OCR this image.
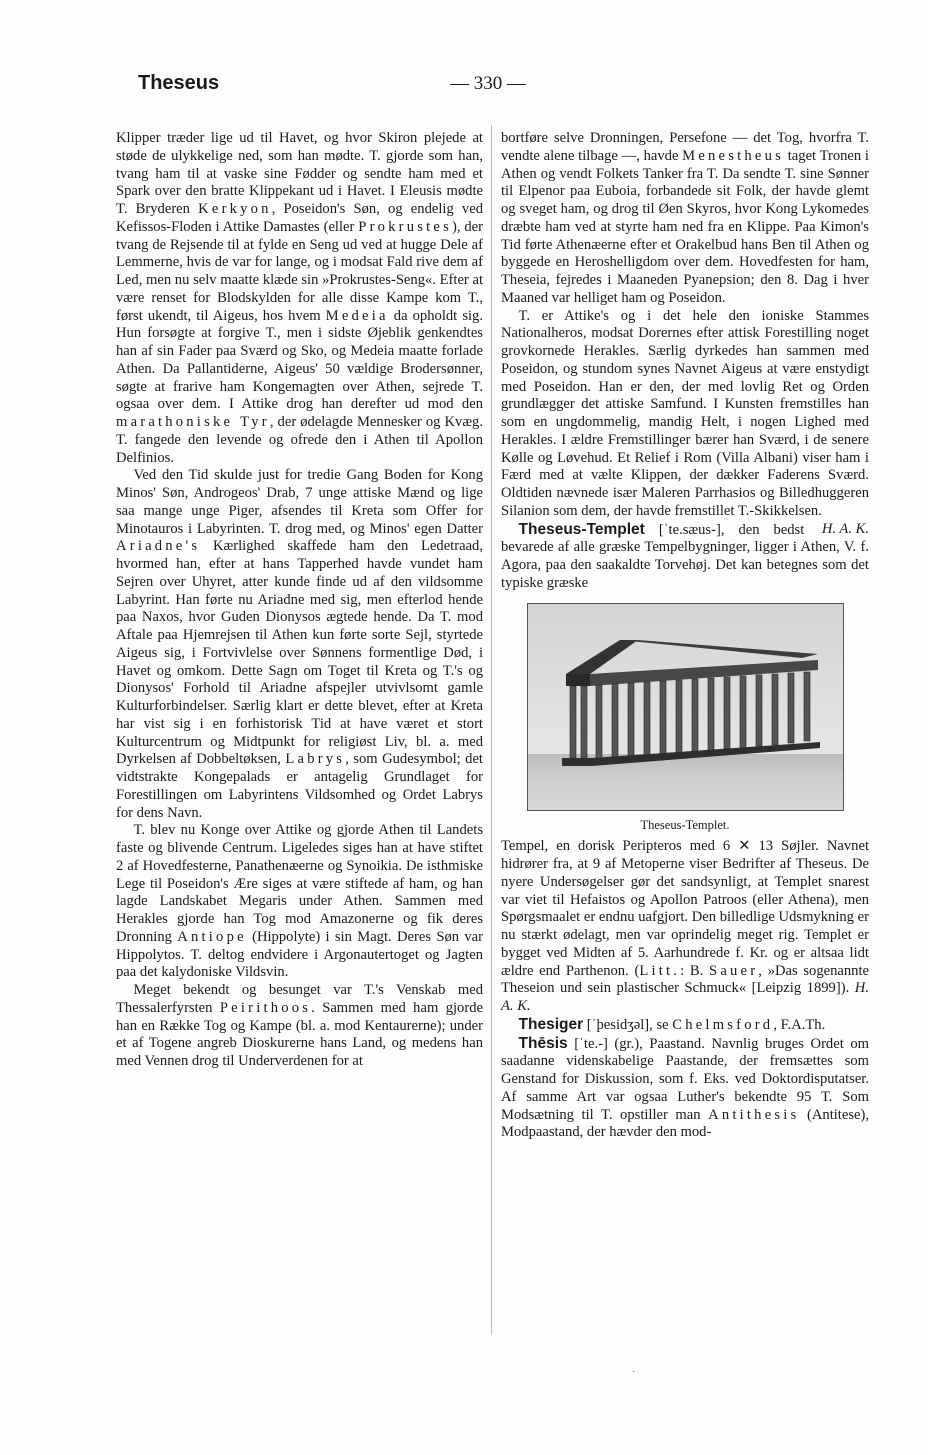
Theseus	— 330 —

Klipper træder lige ud til Havet, og hvor Skiron plejede at støde de ulykkelige ned, som han mødte. T. gjorde som han, tvang ham til at vaske sine Fødder og sendte ham med et Spark over den bratte Klippekant ud i Havet. I Eleusis mødte T. Bryderen Kerkyon, Poseidon's Søn, og endelig ved Kefissos-Floden i Attike Damastes (eller Prokrustes), der tvang de Rejsende til at fylde en Seng ud ved at hugge Dele af Lemmerne, hvis de var for lange, og i modsat Fald rive dem af Led, men nu selv maatte klæde sin »Prokrustes-Seng«. Efter at være renset for Blodskylden for alle disse Kampe kom T., først ukendt, til Aigeus, hos hvem Medeia da opholdt sig. Hun forsøgte at forgive T., men i sidste Øjeblik genkendtes han af sin Fader paa Sværd og Sko, og Medeia maatte forlade Athen. Da Pallantiderne, Aigeus' 50 vældige Brodersønner, søgte at frarive ham Kongemagten over Athen, sejrede T. ogsaa over dem. I Attike drog han derefter ud mod den marathoniske Tyr, der ødelagde Mennesker og Kvæg. T. fangede den levende og ofrede den i Athen til Apollon Delfinios.

Ved den Tid skulde just for tredie Gang Boden for Kong Minos' Søn, Androgeos' Drab, 7 unge attiske Mænd og lige saa mange unge Piger, afsendes til Kreta som Offer for Minotauros i Labyrinten. T. drog med, og Minos' egen Datter Ariadne's Kærlighed skaffede ham den Ledetraad, hvormed han, efter at hans Tapperhed havde vundet ham Sejren over Uhyret, atter kunde finde ud af den vildsomme Labyrint. Han førte nu Ariadne med sig, men efterlod hende paa Naxos, hvor Guden Dionysos ægtede hende. Da T. mod Aftale paa Hjemrejsen til Athen kun førte sorte Sejl, styrtede Aigeus sig, i Fortvivlelse over Sønnens formentlige Død, i Havet og omkom. Dette Sagn om Toget til Kreta og T.'s og Dionysos' Forhold til Ariadne afspejler utvivlsomt gamle Kulturforbindelser. Særlig klart er dette blevet, efter at Kreta har vist sig i en forhistorisk Tid at have været et stort Kulturcentrum og Midtpunkt for religiøst Liv, bl. a. med Dyrkelsen af Dobbeltøksen, Labrys, som Gudesymbol; det vidtstrakte Kongepalads er antagelig Grundlaget for Forestillingen om Labyrintens Vildsomhed og Ordet Labrys for dens Navn.

T. blev nu Konge over Attike og gjorde Athen til Landets faste og blivende Centrum. Ligeledes siges han at have stiftet 2 af Hovedfesterne, Panathenæerne og Synoikia. De isthmiske Lege til Poseidon's Ære siges at være stiftede af ham, og han lagde Landskabet Megaris under Athen. Sammen med Herakles gjorde han Tog mod Amazonerne og fik deres Dronning Antiope (Hippolyte) i sin Magt. Deres Søn var Hippolytos. T. deltog endvidere i Argonautertoget og Jagten paa det kalydoniske Vildsvin.

Meget bekendt og besunget var T.'s Venskab med Thessalerfyrsten Peirithoos. Sammen med ham gjorde han en Række Tog og Kampe (bl. a. mod Kentaurerne); under et af Togene angreb Dioskurerne hans Land, og medens han med Vennen drog til Underverdenen for at

bortføre selve Dronningen, Persefone — det Tog, hvorfra T. vendte alene tilbage —, havde Menestheus taget Tronen i Athen og vendt Folkets Tanker fra T. Da sendte T. sine Sønner til Elpenor paa Euboia, forbandede sit Folk, der havde glemt og sveget ham, og drog til Øen Skyros, hvor Kong Lykomedes dræbte ham ved at styrte ham ned fra en Klippe. Paa Kimon's Tid førte Athenæerne efter et Orakelbud hans Ben til Athen og byggede en Heroshelligdom over dem. Hovedfesten for ham, Theseia, fejredes i Maaneden Pyanepsion; den 8. Dag i hver Maaned var helliget ham og Poseidon.

T. er Attike's og i det hele den ioniske Stammes Nationalheros, modsat Dorernes efter attisk Forestilling noget grovkornede Herakles. Særlig dyrkedes han sammen med Poseidon, og stundom synes Navnet Aigeus at være enstydigt med Poseidon. Han er den, der med lovlig Ret og Orden grundlægger det attiske Samfund. I Kunsten fremstilles han som en ungdommelig, mandig Helt, i nogen Lighed med Herakles. I ældre Fremstillinger bærer han Sværd, i de senere Kølle og Løvehud. Et Relief i Rom (Villa Albani) viser ham i Færd med at vælte Klippen, der dækker Faderens Sværd. Oldtiden nævnede især Maleren Parrhasios og Billedhuggeren Silanion som dem, der havde fremstillet T.-Skikkelsen.
H. A. K.

Theseus-Templet [ˈte.sæus-], den bedst bevarede af alle græske Tempelbygninger, ligger i Athen, V. f. Agora, paa den saakaldte Torvehøj. Det kan betegnes som det typiske græske

Theseus-Templet.

Tempel, en dorisk Peripteros med 6 ✕ 13 Søjler. Navnet hidrører fra, at 9 af Metoperne viser Bedrifter af Theseus. De nyere Undersøgelser gør det sandsynligt, at Templet snarest var viet til Hefaistos og Apollon Patroos (eller Athena), men Spørgsmaalet er endnu uafgjort. Den billedlige Udsmykning er nu stærkt ødelagt, men var oprindelig meget rig. Templet er bygget ved Midten af 5. Aarhundrede f. Kr. og er altsaa lidt ældre end Parthenon. (Litt.: B. Sauer, »Das sogenannte Theseion und sein plastischer Schmuck« [Leipzig 1899]). H. A. K.

Thesiger [ˈþesidʒəl], se Chelmsford, F.A.Th.

Thēsis [ˈte.-] (gr.), Paastand. Navnlig bruges Ordet om saadanne videnskabelige Paastande, der fremsættes som Genstand for Diskussion, som f. Eks. ved Doktordisputatser. Af samme Art var ogsaa Luther's bekendte 95 T. Som Modsætning til T. opstiller man Antithesis (Antitese), Modpaastand, der hævder den mod-

·
